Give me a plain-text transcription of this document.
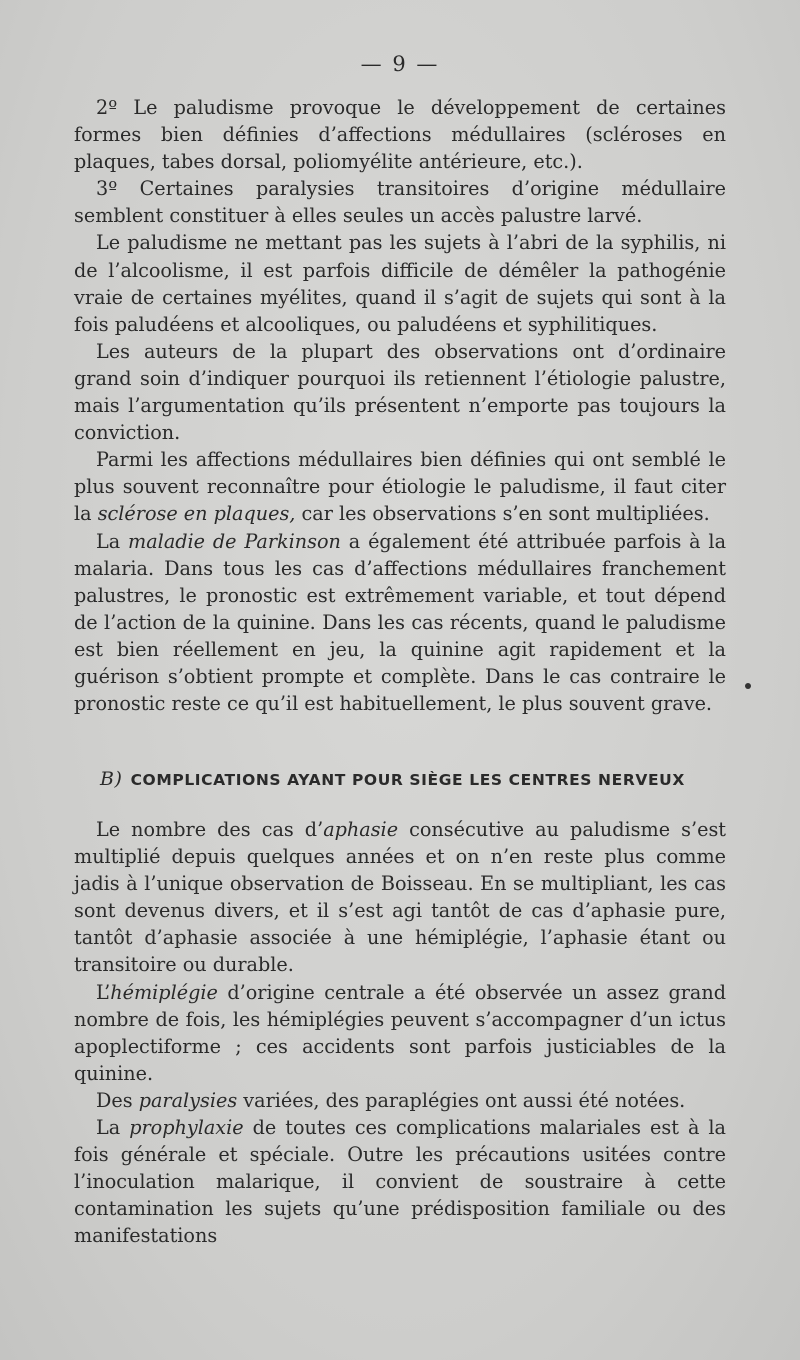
— 9 —

2º Le paludisme provoque le développement de certaines formes bien définies d’affections médullaires (scléroses en plaques, tabes dorsal, poliomyélite antérieure, etc.).

3º Certaines paralysies transitoires d’origine médullaire semblent constituer à elles seules un accès palustre larvé.

Le paludisme ne mettant pas les sujets à l’abri de la syphilis, ni de l’alcoolisme, il est parfois difficile de démêler la pathogénie vraie de certaines myélites, quand il s’agit de sujets qui sont à la fois paludéens et alcooliques, ou paludéens et syphilitiques.

Les auteurs de la plupart des observations ont d’ordinaire grand soin d’indiquer pourquoi ils retiennent l’étiologie palustre, mais l’argumentation qu’ils présentent n’emporte pas toujours la conviction.

Parmi les affections médullaires bien définies qui ont semblé le plus souvent reconnaître pour étiologie le paludisme, il faut citer la sclérose en plaques, car les observations s’en sont multipliées.

La maladie de Parkinson a également été attribuée parfois à la malaria. Dans tous les cas d’affections médullaires franchement palustres, le pronostic est extrêmement variable, et tout dépend de l’action de la quinine. Dans les cas récents, quand le paludisme est bien réellement en jeu, la quinine agit rapidement et la guérison s’obtient prompte et complète. Dans le cas contraire le pronostic reste ce qu’il est habituellement, le plus souvent grave.

B) COMPLICATIONS AYANT POUR SIÈGE LES CENTRES NERVEUX

Le nombre des cas d’aphasie consécutive au paludisme s’est multiplié depuis quelques années et on n’en reste plus comme jadis à l’unique observation de Boisseau. En se multipliant, les cas sont devenus divers, et il s’est agi tantôt de cas d’aphasie pure, tantôt d’aphasie associée à une hémiplégie, l’aphasie étant ou transitoire ou durable.

L’hémiplégie d’origine centrale a été observée un assez grand nombre de fois, les hémiplégies peuvent s’accompagner d’un ictus apoplectiforme ; ces accidents sont parfois justiciables de la quinine.

Des paralysies variées, des paraplégies ont aussi été notées.

La prophylaxie de toutes ces complications malariales est à la fois générale et spéciale. Outre les précautions usitées contre l’inoculation malarique, il convient de soustraire à cette contamination les sujets qu’une prédisposition familiale ou des manifestations
